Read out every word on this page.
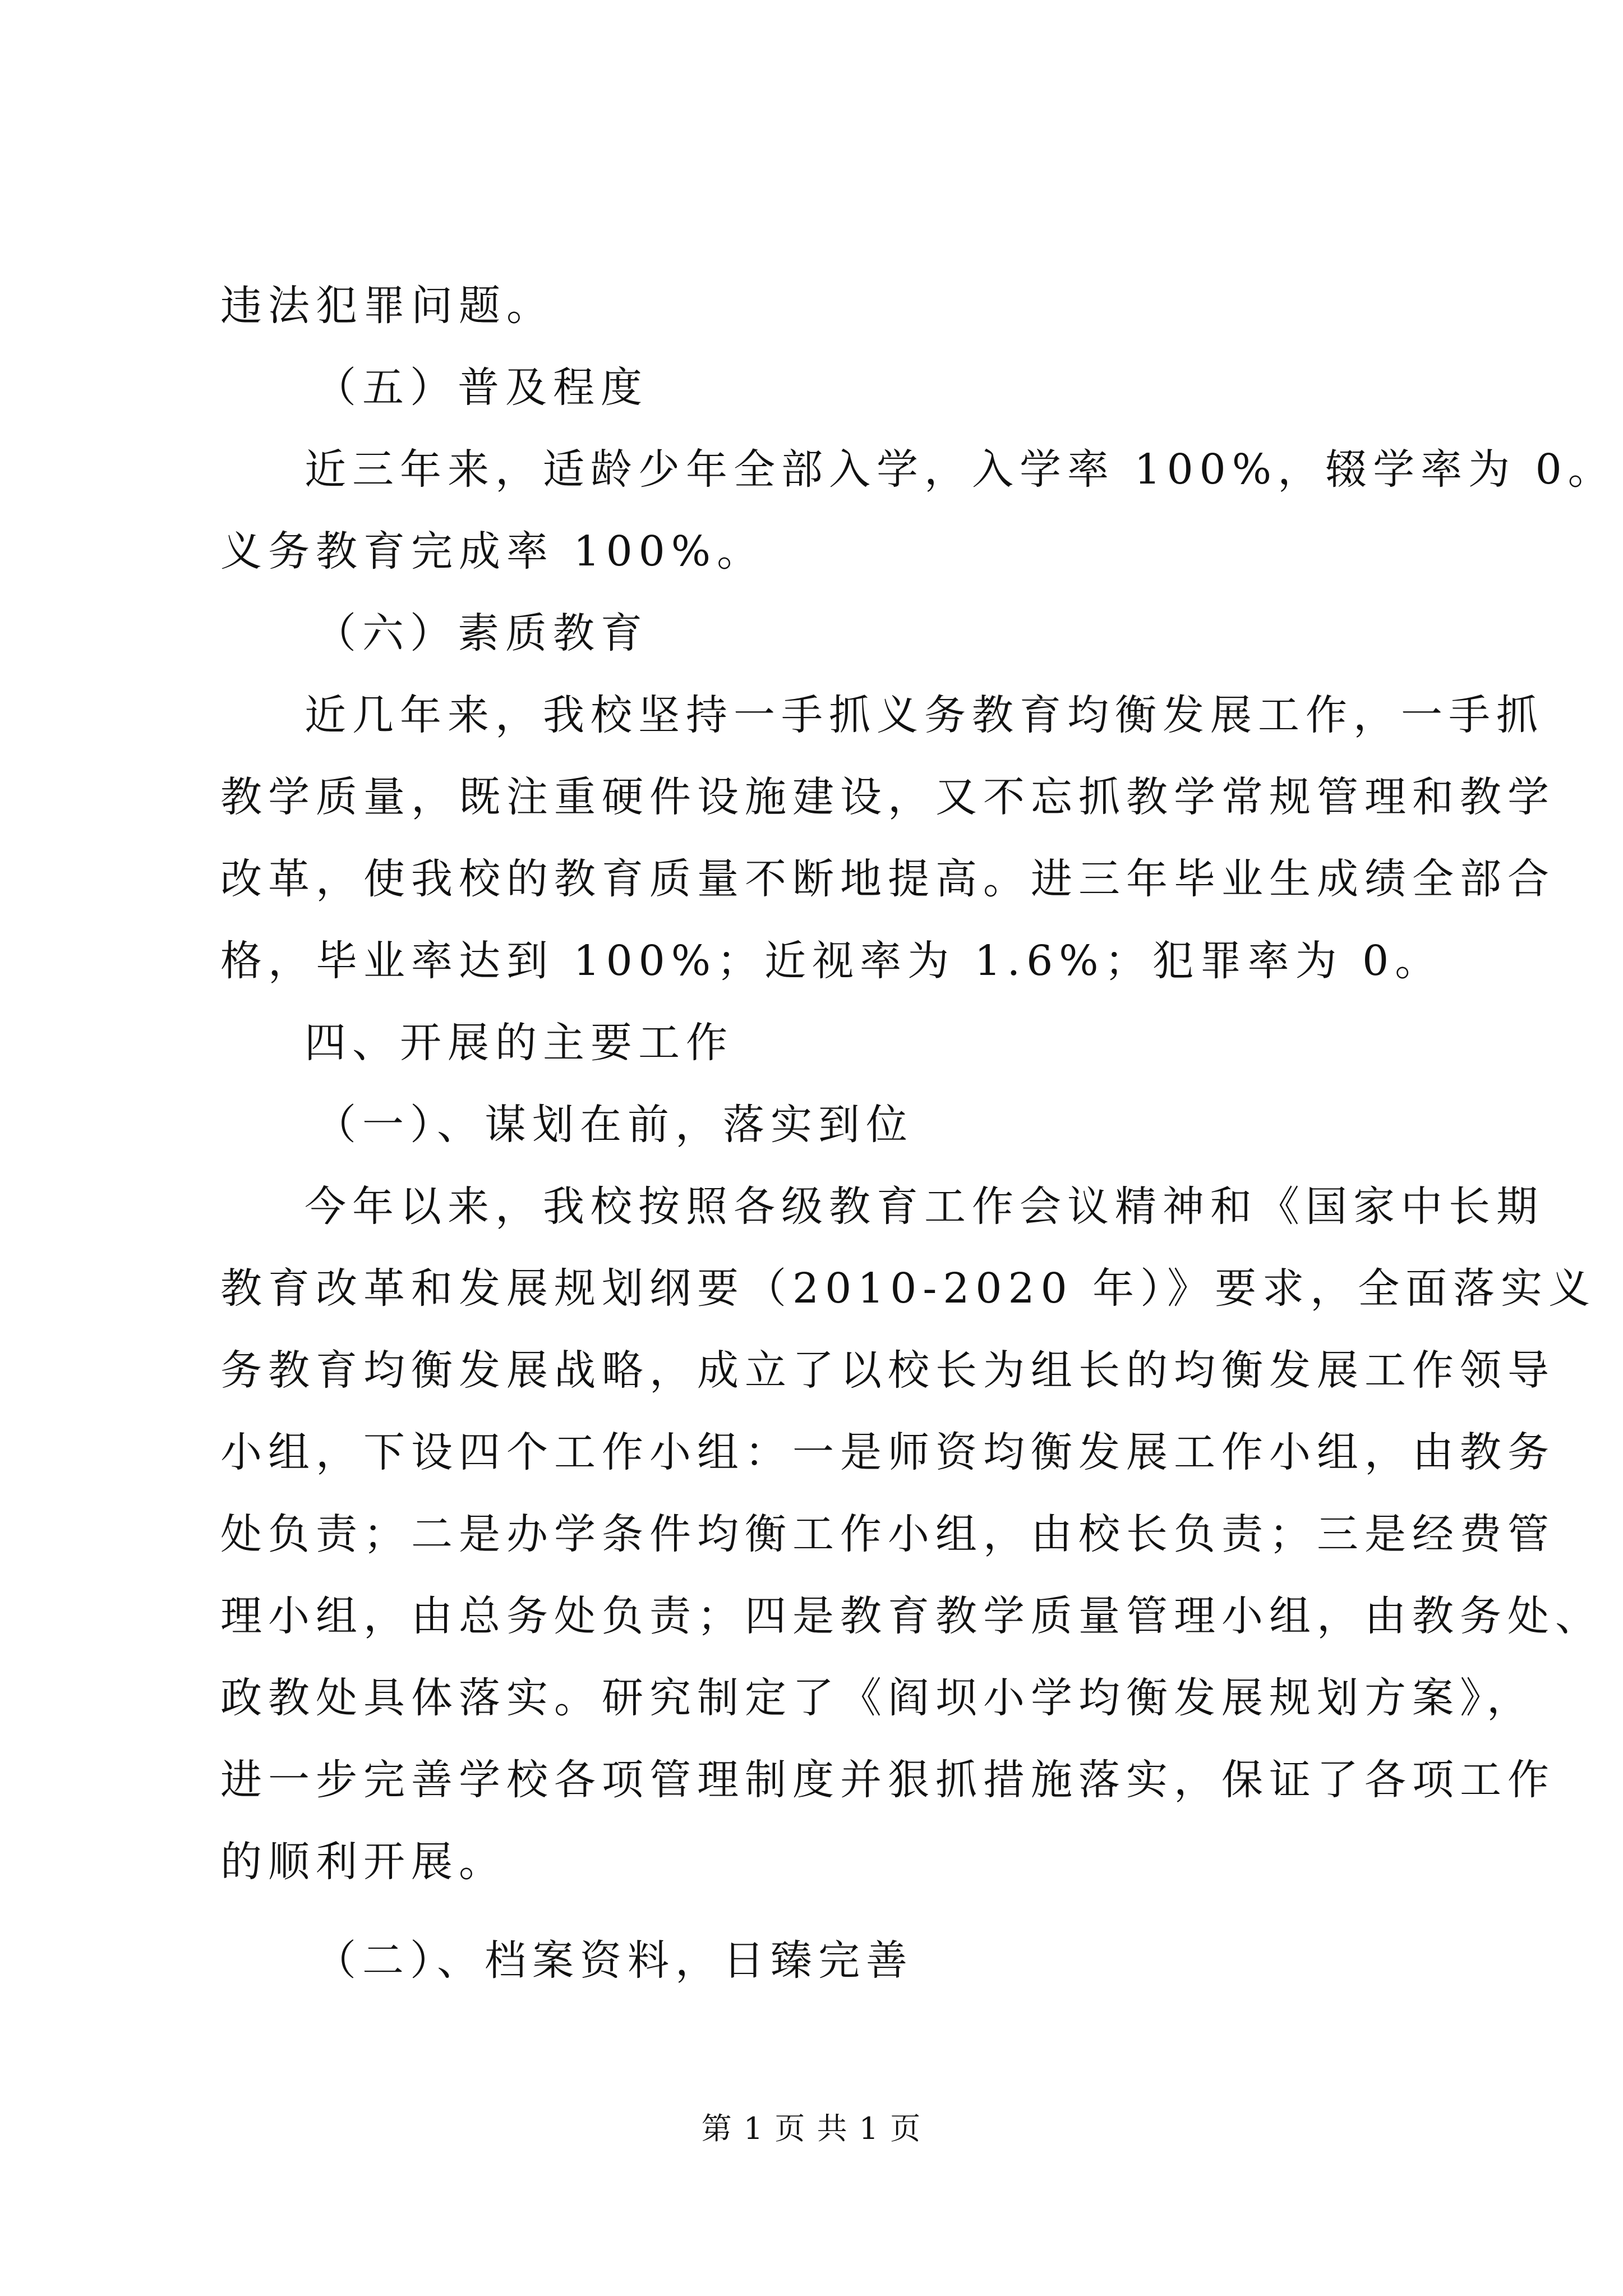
违法犯罪问题。
（五）普及程度
近三年来，适龄少年全部入学，入学率 100%，辍学率为 0。
义务教育完成率 100%。
（六）素质教育
近几年来，我校坚持一手抓义务教育均衡发展工作，一手抓
教学质量，既注重硬件设施建设，又不忘抓教学常规管理和教学
改革，使我校的教育质量不断地提高。进三年毕业生成绩全部合
格，毕业率达到 100%；近视率为 1.6%；犯罪率为 0。
四、开展的主要工作
（一）、谋划在前，落实到位
今年以来，我校按照各级教育工作会议精神和《国家中长期
教育改革和发展规划纲要（2010-2020 年）》要求，全面落实义
务教育均衡发展战略，成立了以校长为组长的均衡发展工作领导
小组，下设四个工作小组：一是师资均衡发展工作小组，由教务
处负责；二是办学条件均衡工作小组，由校长负责；三是经费管
理小组，由总务处负责；四是教育教学质量管理小组，由教务处、
政教处具体落实。研究制定了《阎坝小学均衡发展规划方案》，
进一步完善学校各项管理制度并狠抓措施落实，保证了各项工作
的顺利开展。
（二）、档案资料，日臻完善
第 1 页 共 1 页
